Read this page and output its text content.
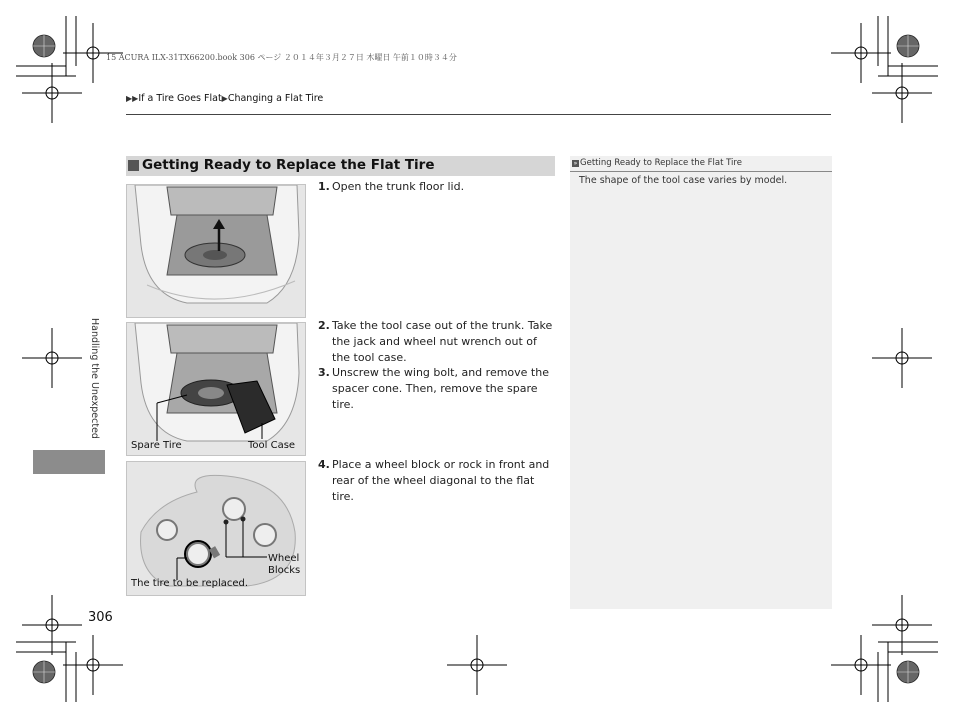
15 ACURA ILX-31TX66200.book 306 ページ ２０１４年３月２７日 木曜日 午前１０時３４分
▶▶If a Tire Goes Flat▶Changing a Flat Tire
Getting Ready to Replace the Flat Tire
Spare Tire	Tool Case
Wheel
Blocks
The tire to be replaced.
1. Open the trunk floor lid.
2. Take the tool case out of the trunk. Take the jack and wheel nut wrench out of the tool case.
3. Unscrew the wing bolt, and remove the spacer cone. Then, remove the spare tire.
4. Place a wheel block or rock in front and rear of the wheel diagonal to the flat tire.
» Getting Ready to Replace the Flat Tire
The shape of the tool case varies by model.
Handling the Unexpected
306
